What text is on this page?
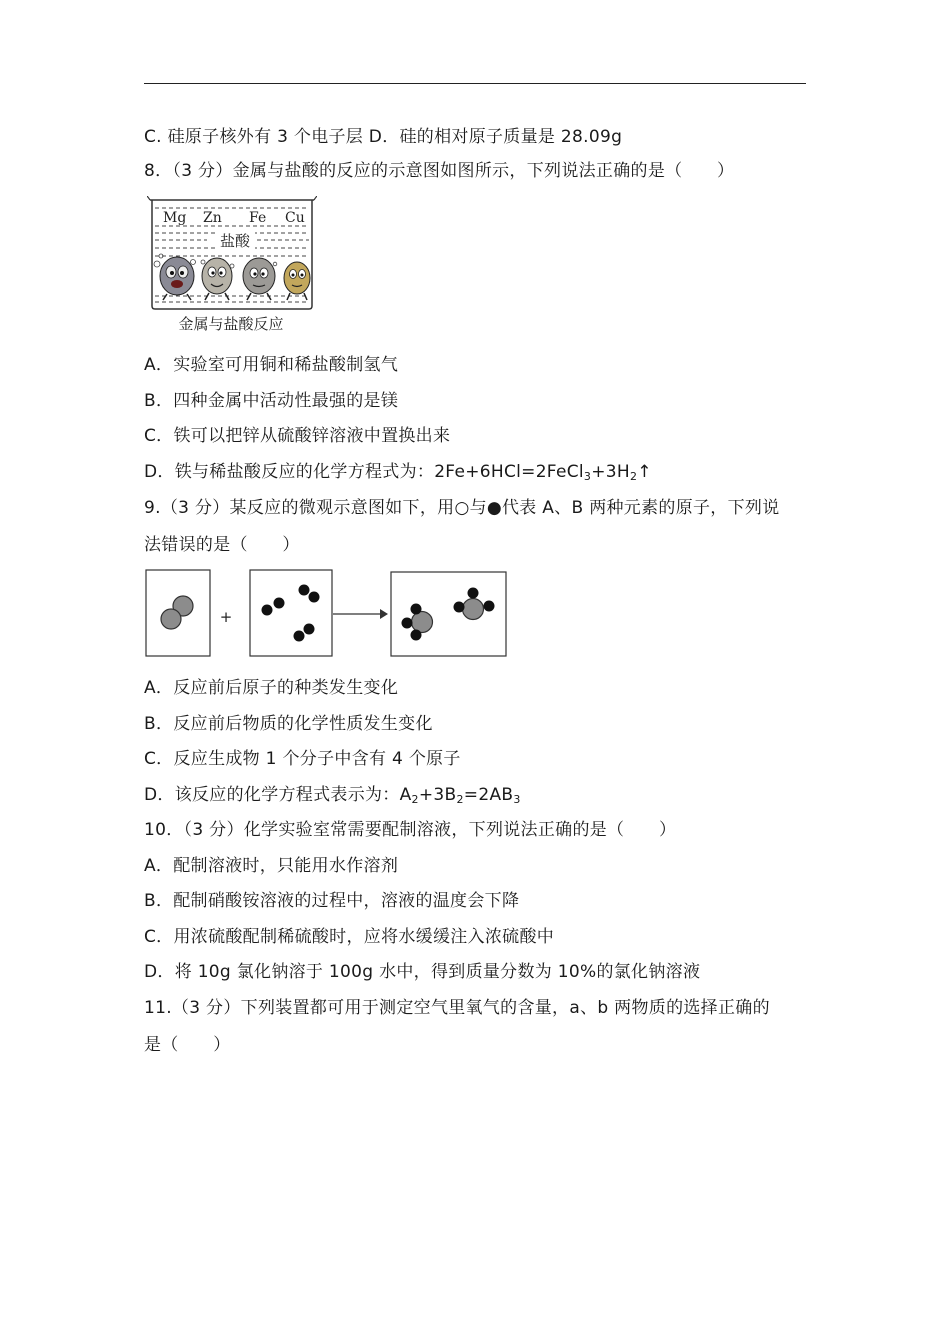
C. 硅原子核外有 3 个电子层 D．硅的相对原子质量是 28.09g
8．（3 分）金属与盐酸的反应的示意图如图所示，下列说法正确的是（　　）
Mg Zn Fe Cu
盐酸
金属与盐酸反应
A．实验室可用铜和稀盐酸制氢气
B．四种金属中活动性最强的是镁
C．铁可以把锌从硫酸锌溶液中置换出来
D．铁与稀盐酸反应的化学方程式为：$2Fe+6HCl=2FeCl_3+3H_2↑$
9.（3 分）某反应的微观示意图如下，用○与●代表 A、B 两种元素的原子，下列说
法错误的是（　　）
+
A．反应前后原子的种类发生变化
B．反应前后物质的化学性质发生变化
C．反应生成物 1 个分子中含有 4 个原子
D．该反应的化学方程式表示为：$A_2+3B_2=2AB_3$
10．（3 分）化学实验室常需要配制溶液，下列说法正确的是（　　）
A．配制溶液时，只能用水作溶剂
B．配制硝酸铵溶液的过程中，溶液的温度会下降
C．用浓硫酸配制稀硫酸时，应将水缓缓注入浓硫酸中
D．将 10g 氯化钠溶于 100g 水中，得到质量分数为 10%的氯化钠溶液
11.（3 分）下列装置都可用于测定空气里氧气的含量，a、b 两物质的选择正确的
是（　　）
